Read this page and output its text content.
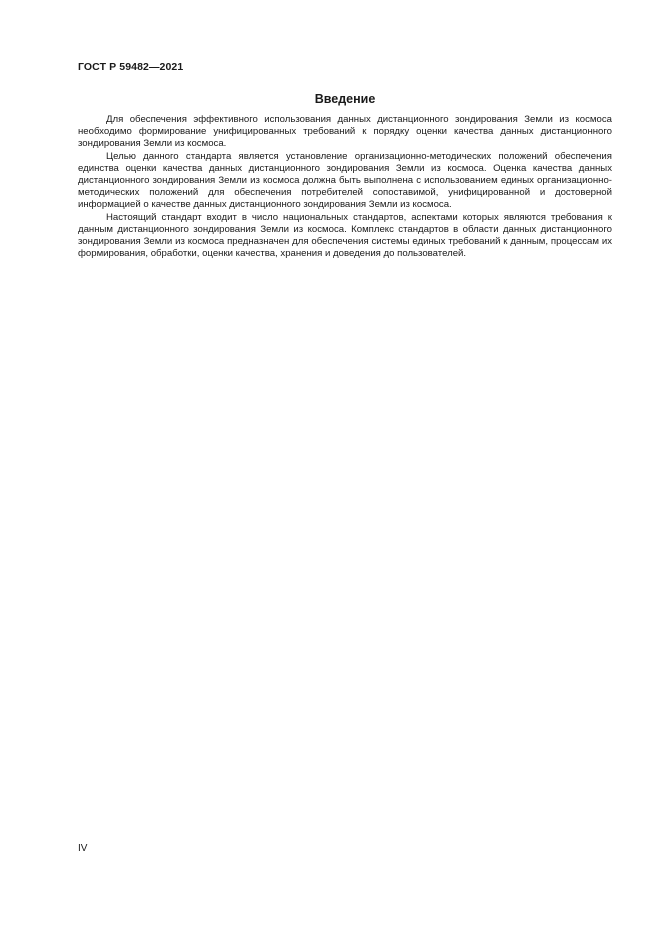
ГОСТ Р 59482—2021
Введение

Для обеспечения эффективного использования данных дистанционного зондирования Земли из космоса необходимо формирование унифицированных требований к порядку оценки качества данных дистанционного зондирования Земли из космоса.

Целью данного стандарта является установление организационно-методических положений обеспечения единства оценки качества данных дистанционного зондирования Земли из космоса. Оценка качества данных дистанционного зондирования Земли из космоса должна быть выполнена с использованием единых организационно-методических положений для обеспечения потребителей сопоставимой, унифицированной и достоверной информацией о качестве данных дистанционного зондирования Земли из космоса.

Настоящий стандарт входит в число национальных стандартов, аспектами которых являются требования к данным дистанционного зондирования Земли из космоса. Комплекс стандартов в области данных дистанционного зондирования Земли из космоса предназначен для обеспечения системы единых требований к данным, процессам их формирования, обработки, оценки качества, хранения и доведения до пользователей.

IV
